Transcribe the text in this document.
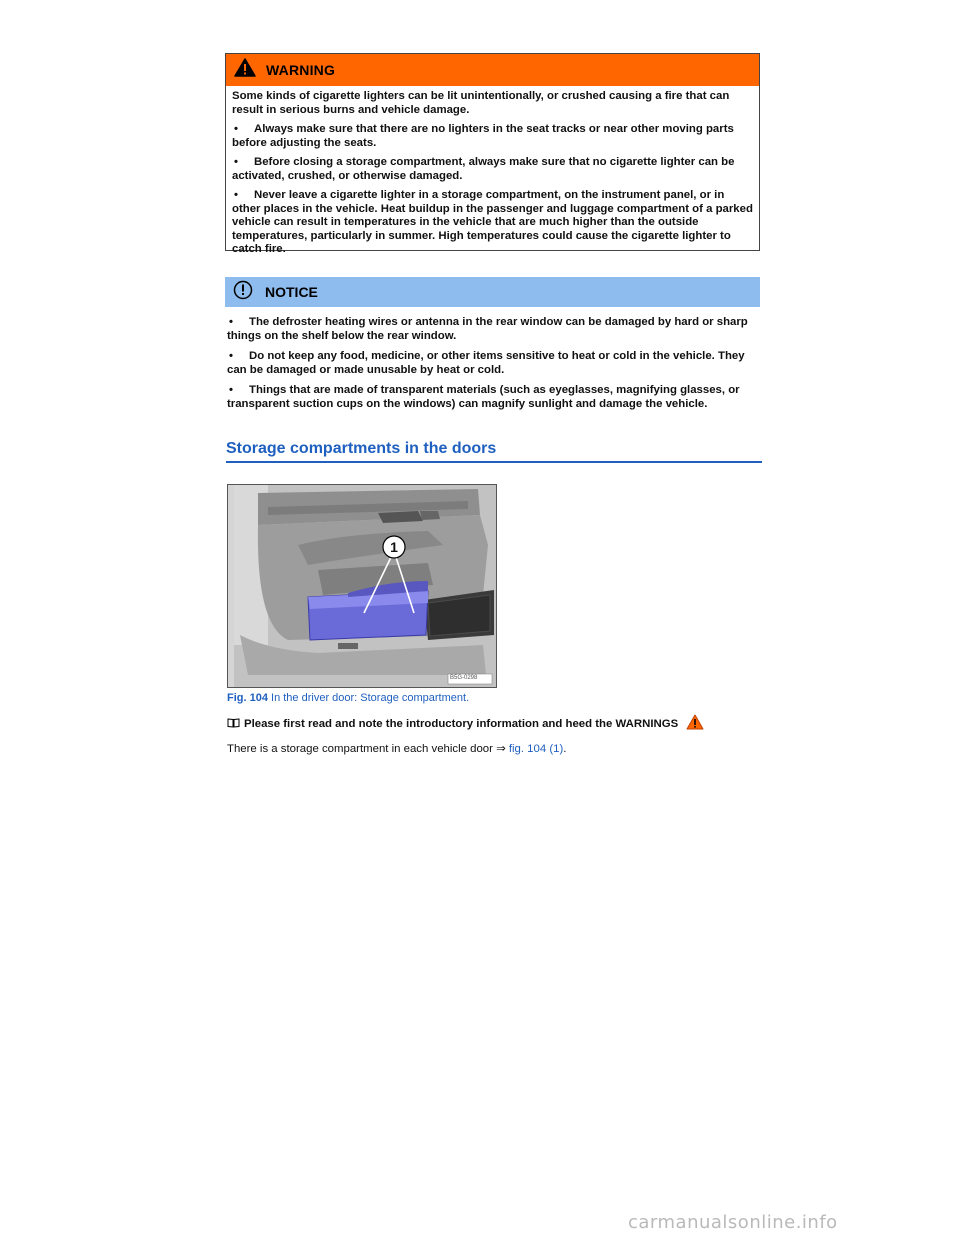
WARNING

Some kinds of cigarette lighters can be lit unintentionally, or crushed causing a fire that can result in serious burns and vehicle damage.

• Always make sure that there are no lighters in the seat tracks or near other moving parts before adjusting the seats.
• Before closing a storage compartment, always make sure that no cigarette lighter can be activated, crushed, or otherwise damaged.
• Never leave a cigarette lighter in a storage compartment, on the instrument panel, or in other places in the vehicle. Heat buildup in the passenger and luggage compartment of a parked vehicle can result in temperatures in the vehicle that are much higher than the outside temperatures, particularly in summer. High temperatures could cause the cigarette lighter to catch fire.
NOTICE
• The defroster heating wires or antenna in the rear window can be damaged by hard or sharp things on the shelf below the rear window.
• Do not keep any food, medicine, or other items sensitive to heat or cold in the vehicle. They can be damaged or made unusable by heat or cold.
• Things that are made of transparent materials (such as eyeglasses, magnifying glasses, or transparent suction cups on the windows) can magnify sunlight and damage the vehicle.
Storage compartments in the doors
1
B5G-0298
Fig. 104 In the driver door: Storage compartment.
Please first read and note the introductory information and heed the WARNINGS
There is a storage compartment in each vehicle door ⇒ fig. 104 (1).
carmanualsonline.info
